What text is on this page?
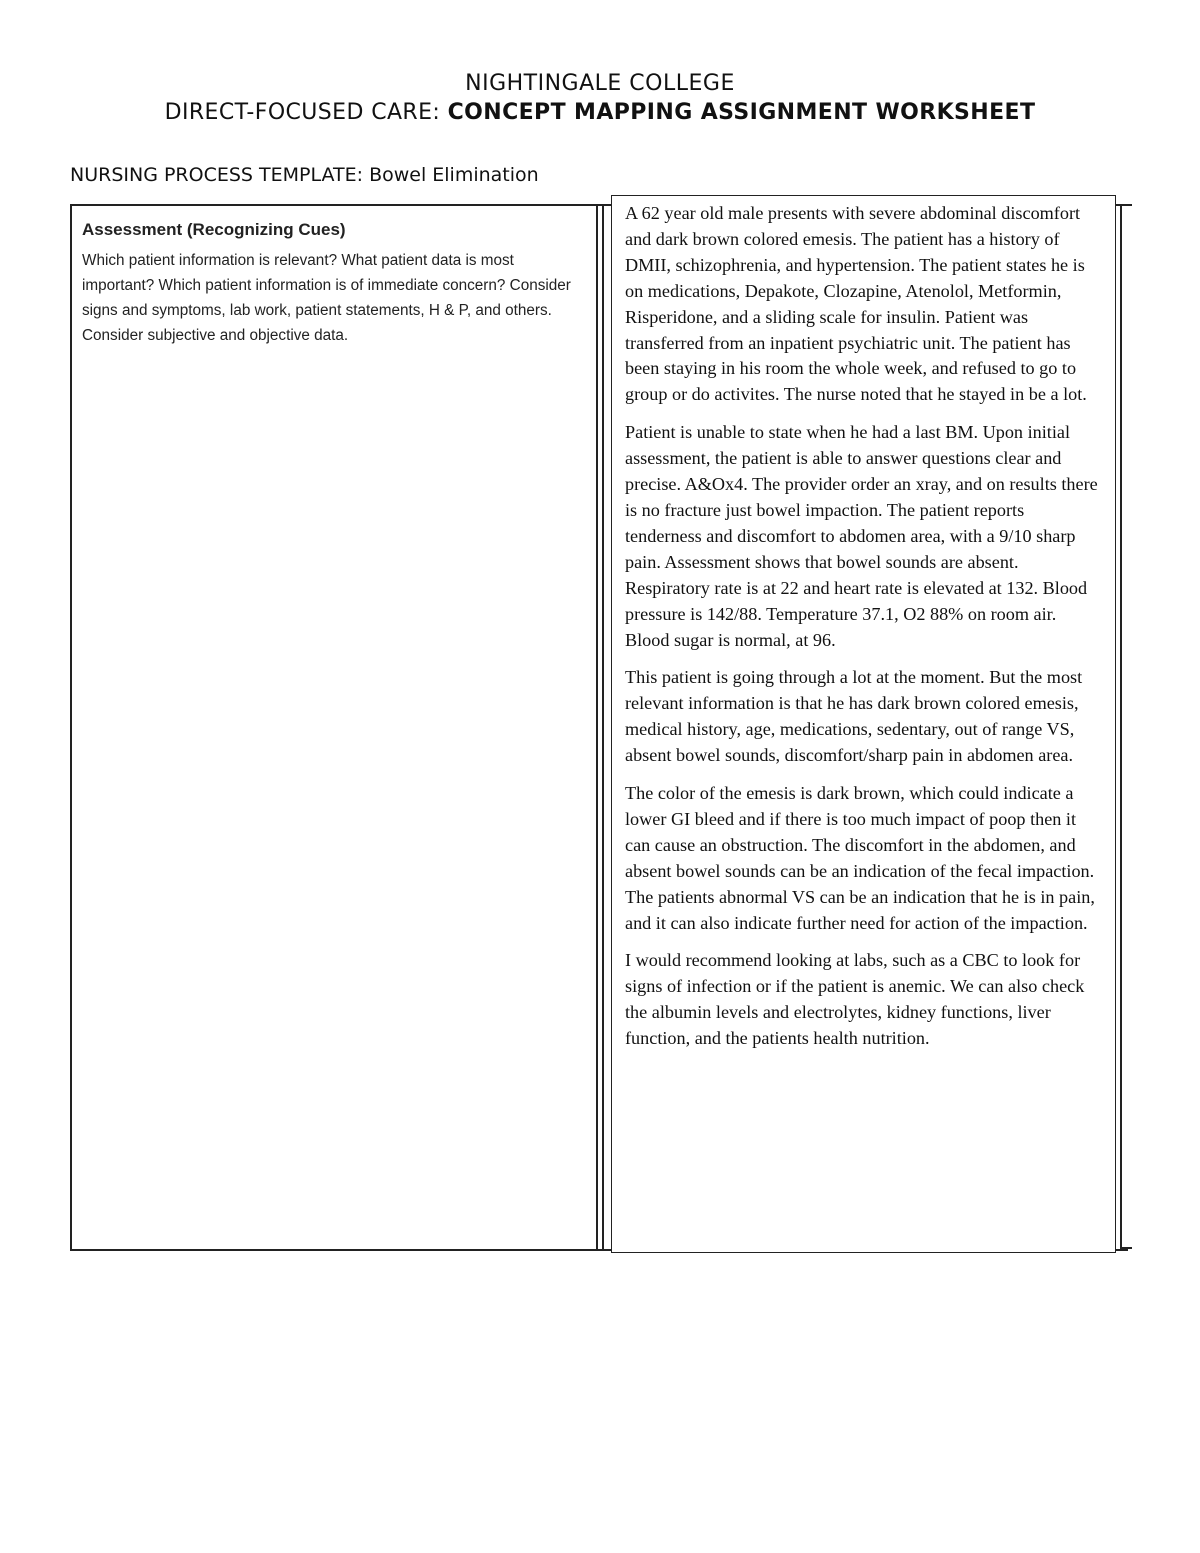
NIGHTINGALE COLLEGE
DIRECT-FOCUSED CARE: CONCEPT MAPPING ASSIGNMENT WORKSHEET
NURSING PROCESS TEMPLATE: Bowel Elimination
Assessment (Recognizing Cues)
Which patient information is relevant? What patient data is most important? Which patient information is of immediate concern? Consider signs and symptoms, lab work, patient statements, H & P, and others. Consider subjective and objective data.

A 62 year old male presents with severe abdominal discomfort and dark brown colored emesis. The patient has a history of DMII, schizophrenia, and hypertension. The patient states he is on medications, Depakote, Clozapine, Atenolol, Metformin, Risperidone, and a sliding scale for insulin. Patient was transferred from an inpatient psychiatric unit. The patient has been staying in his room the whole week, and refused to go to group or do activites. The nurse noted that he stayed in be a lot.

Patient is unable to state when he had a last BM. Upon initial assessment, the patient is able to answer questions clear and precise. A&Ox4. The provider order an xray, and on results there is no fracture just bowel impaction. The patient reports tenderness and discomfort to abdomen area, with a 9/10 sharp pain. Assessment shows that bowel sounds are absent. Respiratory rate is at 22 and heart rate is elevated at 132. Blood pressure is 142/88. Temperature 37.1, O2 88% on room air. Blood sugar is normal, at 96.

This patient is going through a lot at the moment. But the most relevant information is that he has dark brown colored emesis, medical history, age, medications, sedentary, out of range VS, absent bowel sounds, discomfort/sharp pain in abdomen area.

The color of the emesis is dark brown, which could indicate a lower GI bleed and if there is too much impact of poop then it can cause an obstruction. The discomfort in the abdomen, and absent bowel sounds can be an indication of the fecal impaction. The patients abnormal VS can be an indication that he is in pain, and it can also indicate further need for action of the impaction.

I would recommend looking at labs, such as a CBC to look for signs of infection or if the patient is anemic. We can also check the albumin levels and electrolytes, kidney functions, liver function, and the patients health nutrition.
